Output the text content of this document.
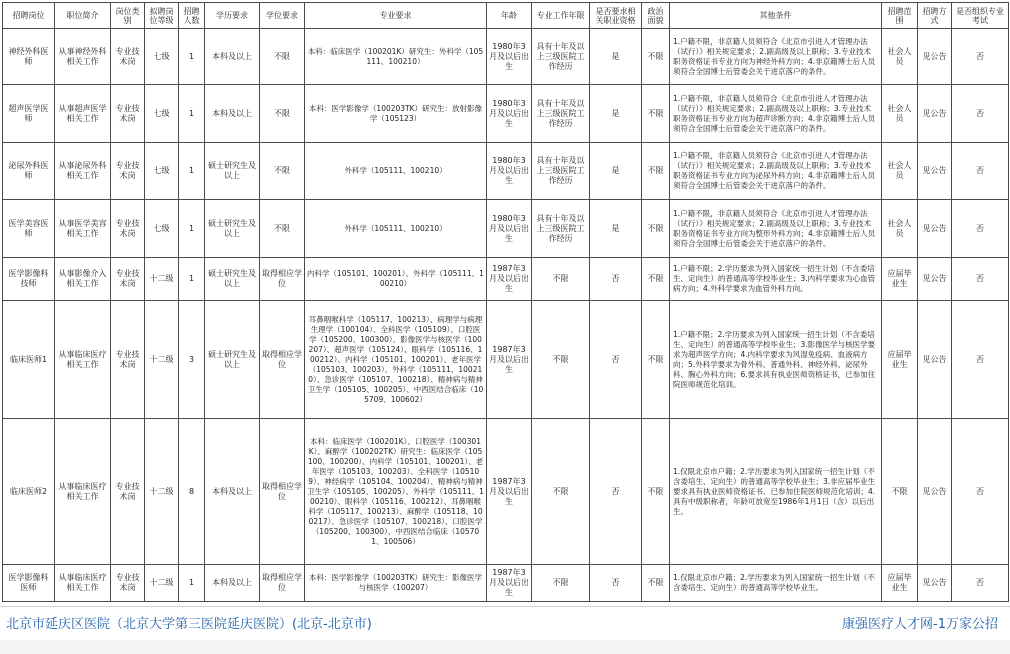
招聘岗位	职位简介	岗位类别	拟聘岗位等级	招聘人数	学历要求	学位要求	专业要求	年龄	专业工作年限	是否要求相关职业资格	政治面貌	其他条件	招聘范围	招聘方式	是否组织专业考试
神经外科医师	从事神经外科相关工作	专业技术岗	七级	1	本科及以上	不限	本科：临床医学（100201K）研究生：外科学（105111、100210）	1980年3月及以后出生	具有十年及以上三级医院工作经历	是	不限	1.户籍不限，非京籍人员须符合《北京市引进人才管理办法（试行）》相关规定要求；2.副高级及以上职称；3.专业技术职务资格证书专业方向为神经外科方向；4.非京籍博士后人员须符合全国博士后管委会关于进京落户的条件。	社会人员	见公告	否
超声医学医师	从事超声医学相关工作	专业技术岗	七级	1	本科及以上	不限	本科：医学影像学（100203TK）研究生：放射影像学（105123）	1980年3月及以后出生	具有十年及以上三级医院工作经历	是	不限	1.户籍不限，非京籍人员须符合《北京市引进人才管理办法（试行）》相关规定要求；2.副高级及以上职称；3.专业技术职务资格证书专业方向为超声诊断方向；4.非京籍博士后人员须符合全国博士后管委会关于进京落户的条件。	社会人员	见公告	否
泌尿外科医师	从事泌尿外科相关工作	专业技术岗	七级	1	硕士研究生及以上	不限	外科学（105111、100210）	1980年3月及以后出生	具有十年及以上三级医院工作经历	是	不限	1.户籍不限，非京籍人员须符合《北京市引进人才管理办法（试行）》相关规定要求；2.副高级及以上职称；3.专业技术职务资格证书专业方向为泌尿外科方向；4.非京籍博士后人员须符合全国博士后管委会关于进京落户的条件。	社会人员	见公告	否
医学美容医师	从事医学美容相关工作	专业技术岗	七级	1	硕士研究生及以上	不限	外科学（105111、100210）	1980年3月及以后出生	具有十年及以上三级医院工作经历	是	不限	1.户籍不限，非京籍人员须符合《北京市引进人才管理办法（试行）》相关规定要求；2.副高级及以上职称；3.专业技术职务资格证书专业方向为整形外科方向；4.非京籍博士后人员须符合全国博士后管委会关于进京落户的条件。	社会人员	见公告	否
医学影像科技师	从事影像介入相关工作	专业技术岗	十二级	1	硕士研究生及以上	取得相应学位	内科学（105101、100201）、外科学（105111、100210）	1987年3月及以后出生	不限	否	不限	1.户籍不限；2.学历要求为列入国家统一招生计划（不含委培生、定向生）的普通高等学校毕业生；3.内科学要求为心血管病方向；4.外科学要求为血管外科方向。	应届毕业生	见公告	否
临床医师1	从事临床医疗相关工作	专业技术岗	十二级	3	硕士研究生及以上	取得相应学位	耳鼻咽喉科学（105117、100213）、病理学与病理生理学（100104）、全科医学（105109）、口腔医学（105200、100300）、影像医学与核医学（100207）、超声医学（105124）、眼科学（105116、100212）、内科学（105101、100201）、老年医学（105103、100203）、外科学（105111、100210）、急诊医学（105107、100218）、精神病与精神卫生学（105105、100205）、中西医结合临床（105709、100602）	1987年3月及以后出生	不限	否	不限	1.户籍不限；2.学历要求为列入国家统一招生计划（不含委培生、定向生）的普通高等学校毕业生；3.影像医学与核医学要求为超声医学方向；4.内科学要求为风湿免疫病、血液病方向；5.外科学要求为骨外科、普通外科、神经外科、泌尿外科、胸心外科方向；6.要求具有执业医师资格证书，已参加住院医师规范化培训。	应届毕业生	见公告	否
临床医师2	从事临床医疗相关工作	专业技术岗	十二级	8	本科及以上	取得相应学位	本科：临床医学（100201K）、口腔医学（100301K）、麻醉学（100202TK）研究生：临床医学（105100、100200）、内科学（105101、100201）、老年医学（105103、100203）、全科医学（105109）、神经病学（105104、100204）、精神病与精神卫生学（105105、100205）、外科学（105111、100210）、眼科学（105116、100212）、耳鼻咽喉科学（105117、100213）、麻醉学（105118、100217）、急诊医学（105107、100218）、口腔医学（105200、100300）、中西医结合临床（105701、100506）	1987年3月及以后出生	不限	否	不限	1.仅限北京市户籍；2.学历要求为列入国家统一招生计划（不含委培生、定向生）的普通高等学校毕业生；3.非应届毕业生要求具有执业医师资格证书、已参加住院医师规范化培训；4.具有中级职称者，年龄可放宽至1986年1月1日（含）以后出生。	不限	见公告	否
医学影像科医师	从事临床医疗相关工作	专业技术岗	十二级	1	本科及以上	取得相应学位	本科：医学影像学（100203TK）研究生：影像医学与核医学（100207）	1987年3月及以后出生	不限	否	不限	1.仅限北京市户籍；2.学历要求为列入国家统一招生计划（不含委培生、定向生）的普通高等学校毕业生。	应届毕业生	见公告	否
北京市延庆区医院（北京大学第三医院延庆医院）(北京-北京市)	康强医疗人才网-1万家公招
